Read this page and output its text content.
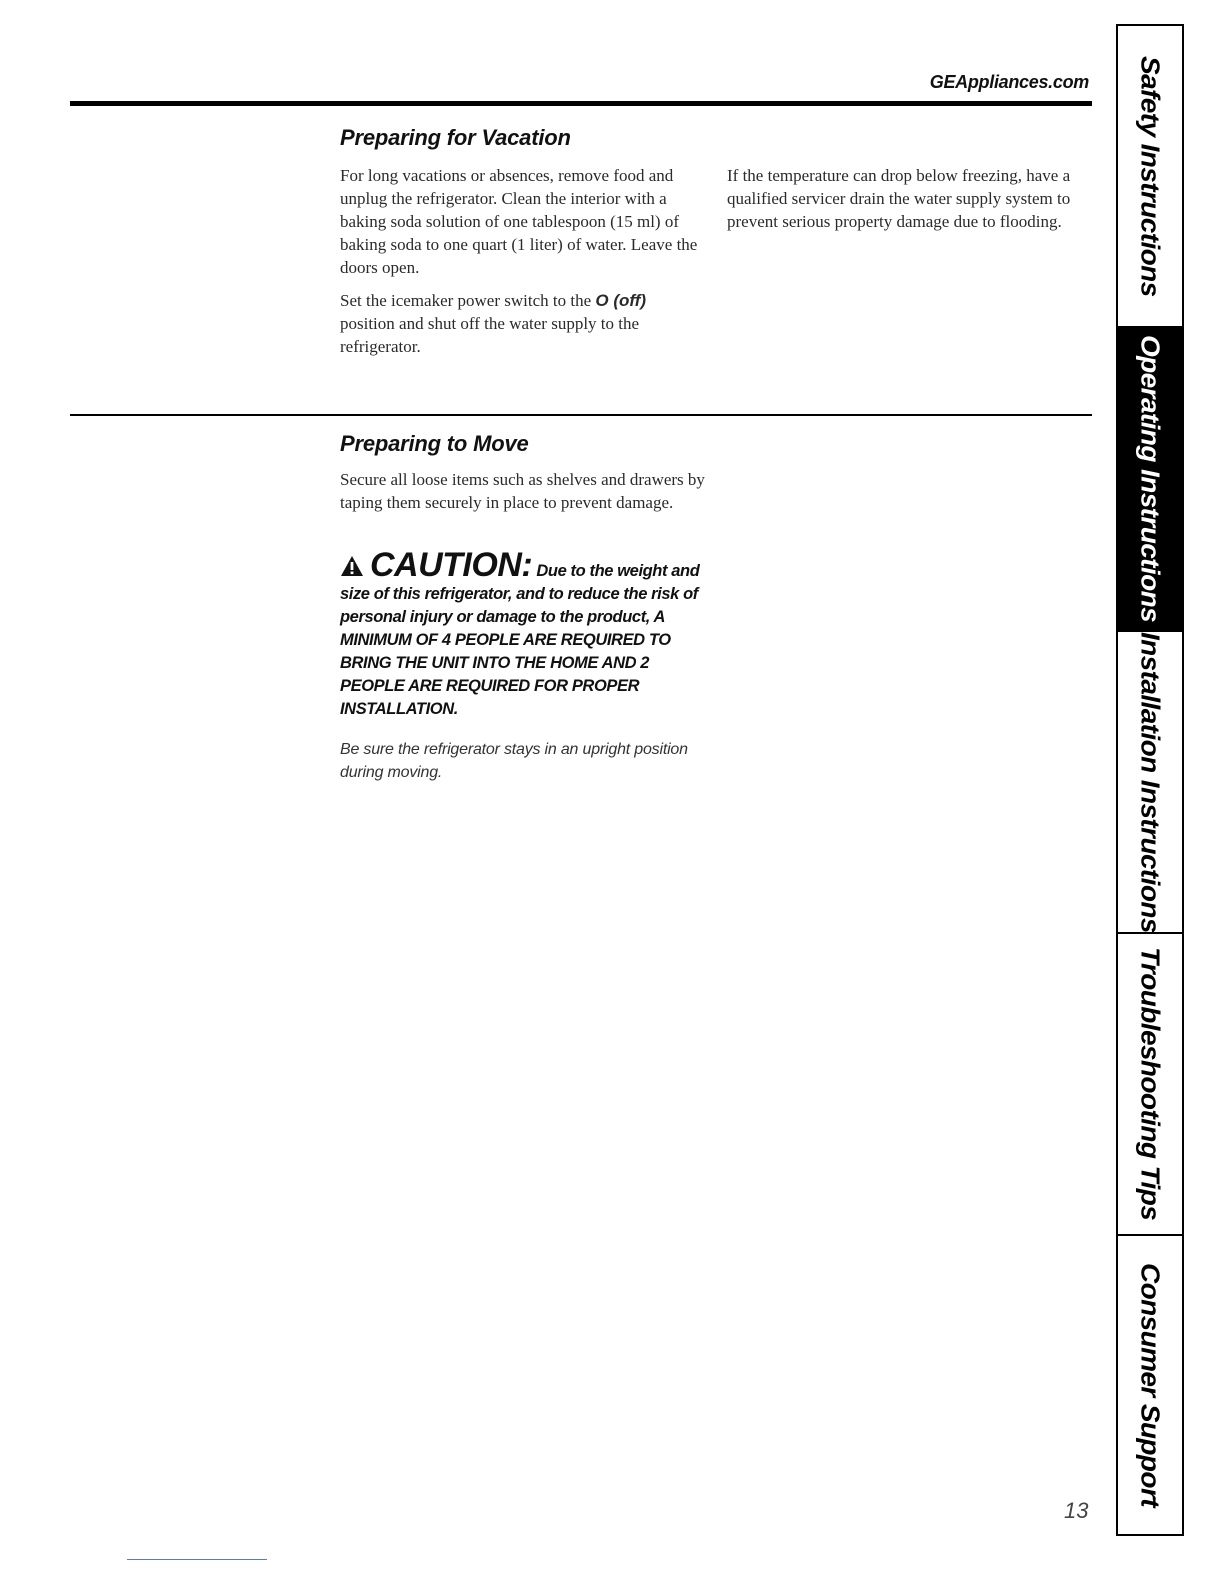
GEAppliances.com
Preparing for Vacation

For long vacations or absences, remove food and unplug the refrigerator. Clean the interior with a baking soda solution of one tablespoon (15 ml) of baking soda to one quart (1 liter) of water. Leave the doors open.

Set the icemaker power switch to the O (off) position and shut off the water supply to the refrigerator.

If the temperature can drop below freezing, have a qualified servicer drain the water supply system to prevent serious property damage due to flooding.

Preparing to Move

Secure all loose items such as shelves and drawers by taping them securely in place to prevent damage.

CAUTION: Due to the weight and size of this refrigerator, and to reduce the risk of personal injury or damage to the product, A MINIMUM OF 4 PEOPLE ARE REQUIRED TO BRING THE UNIT INTO THE HOME AND 2 PEOPLE ARE REQUIRED FOR PROPER INSTALLATION.
Be sure the refrigerator stays in an upright position during moving.
13
Safety Instructions
Operating Instructions
Installation Instructions
Troubleshooting Tips
Consumer Support
